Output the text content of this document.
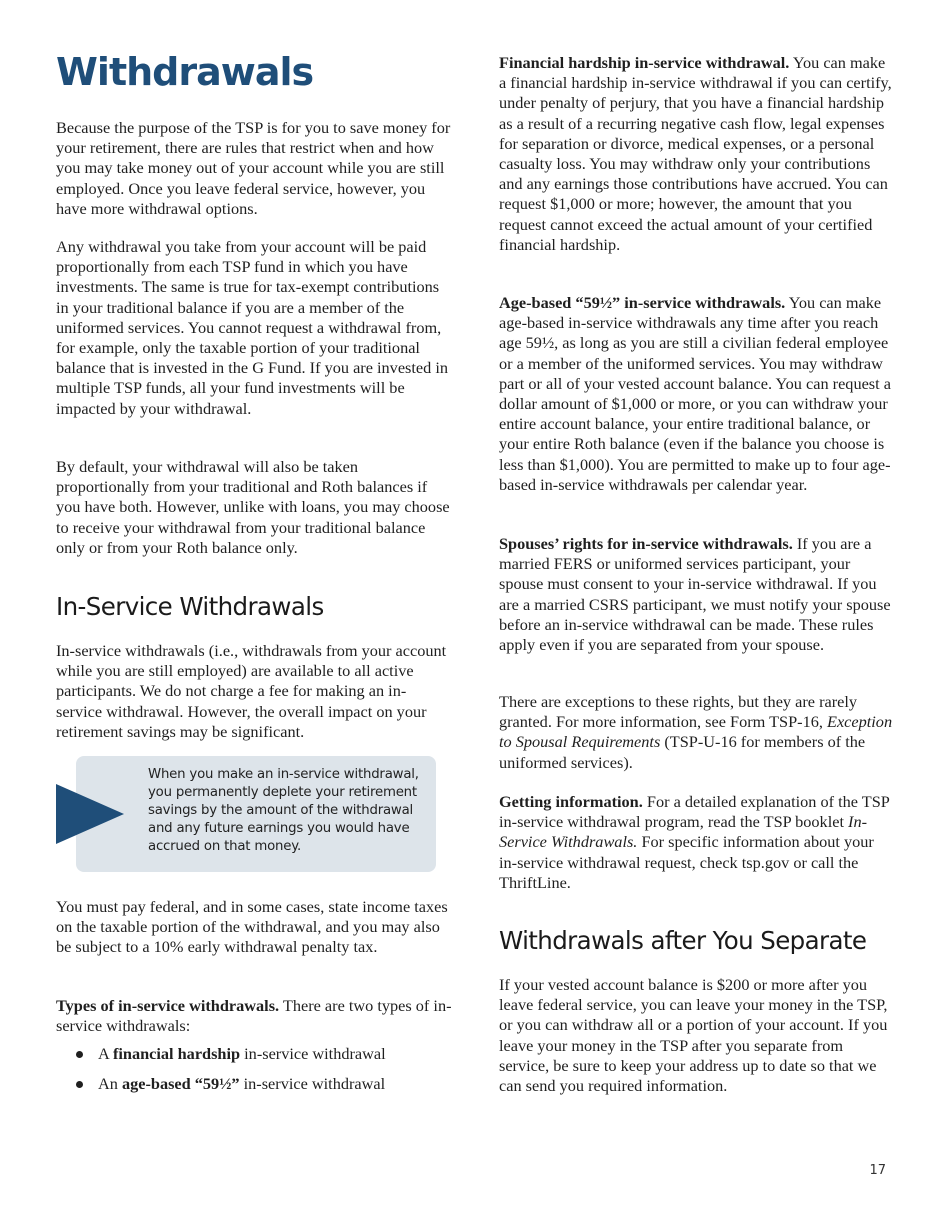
Withdrawals

Because the purpose of the TSP is for you to save money for your retirement, there are rules that restrict when and how you may take money out of your account while you are still employed. Once you leave federal service, however, you have more withdrawal options.

Any withdrawal you take from your account will be paid proportionally from each TSP fund in which you have investments. The same is true for tax-exempt contributions in your traditional balance if you are a member of the uniformed services. You cannot request a withdrawal from, for example, only the taxable portion of your traditional balance that is invested in the G Fund. If you are invested in multiple TSP funds, all your fund investments will be impacted by your withdrawal.

By default, your withdrawal will also be taken proportionally from your traditional and Roth balances if you have both. However, unlike with loans, you may choose to receive your withdrawal from your traditional balance only or from your Roth balance only.

In-Service Withdrawals

In-service withdrawals (i.e., withdrawals from your account while you are still employed) are available to all active participants. We do not charge a fee for making an in-service withdrawal. However, the overall impact on your retirement savings may be significant.

When you make an in-service withdrawal, you permanently deplete your retirement savings by the amount of the withdrawal and any future earnings you would have accrued on that money.

You must pay federal, and in some cases, state income taxes on the taxable portion of the withdrawal, and you may also be subject to a 10% early withdrawal penalty tax.

Types of in-service withdrawals. There are two types of in-service withdrawals:

A financial hardship in-service withdrawal
An age-based “59½” in-service withdrawal

Financial hardship in-service withdrawal. You can make a financial hardship in-service withdrawal if you can certify, under penalty of perjury, that you have a financial hardship as a result of a recurring negative cash flow, legal expenses for separation or divorce, medical expenses, or a personal casualty loss. You may withdraw only your contributions and any earnings those contributions have accrued. You can request $1,000 or more; however, the amount that you request cannot exceed the actual amount of your certified financial hardship.

Age-based “59½” in-service withdrawals. You can make age-based in-service withdrawals any time after you reach age 59½, as long as you are still a civilian federal employee or a member of the uniformed services. You may withdraw part or all of your vested account balance. You can request a dollar amount of $1,000 or more, or you can withdraw your entire account balance, your entire traditional balance, or your entire Roth balance (even if the balance you choose is less than $1,000). You are permitted to make up to four age-based in-service withdrawals per calendar year.

Spouses’ rights for in-service withdrawals. If you are a married FERS or uniformed services participant, your spouse must consent to your in-service withdrawal. If you are a married CSRS participant, we must notify your spouse before an in-service withdrawal can be made. These rules apply even if you are separated from your spouse.

There are exceptions to these rights, but they are rarely granted. For more information, see Form TSP-16, Exception to Spousal Requirements (TSP-U-16 for members of the uniformed services).

Getting information. For a detailed explanation of the TSP in-service withdrawal program, read the TSP booklet In-Service Withdrawals. For specific information about your in-service withdrawal request, check tsp.gov or call the ThriftLine.

Withdrawals after You Separate

If your vested account balance is $200 or more after you leave federal service, you can leave your money in the TSP, or you can withdraw all or a portion of your account. If you leave your money in the TSP after you separate from service, be sure to keep your address up to date so that we can send you required information.

17
